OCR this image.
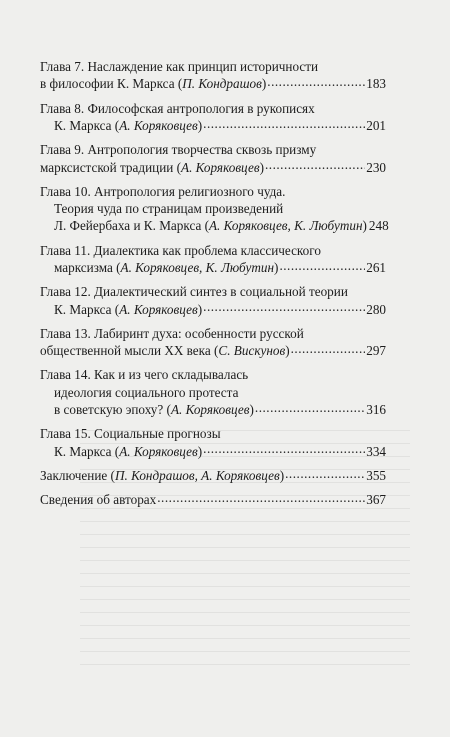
Глава 7. Наслаждение как принцип историчности
в философии К. Маркса ( П. Кондрашов ) .....	183
Глава 8. Философская антропология в рукописях
К. Маркса ( А. Коряковцев ) .....	201
Глава 9. Антропология творчества сквозь призму
марксистской традиции ( А. Коряковцев ) .....	230
Глава 10. Антропология религиозного чуда.
Теория чуда по страницам произведений
Л. Фейербаха и К. Маркса ( А. Коряковцев, К. Любутин ) 248
Глава 11. Диалектика как проблема классического
марксизма ( А. Коряковцев, К. Любутин ) .....	261
Глава 12. Диалектический синтез в социальной теории
К. Маркса ( А. Коряковцев ) .....	280
Глава 13. Лабиринт духа: особенности русской
общественной мысли XX века ( С. Вискунов ) .....	297
Глава 14. Как и из чего складывалась
идеология социального протеста
в советскую эпоху? ( А. Коряковцев ) .....	316
Глава 15. Социальные прогнозы
К. Маркса ( А. Коряковцев ) .....	334
Заключение ( П. Кондрашов, А. Коряковцев ) .....	355
Сведения об авторах .....	367
